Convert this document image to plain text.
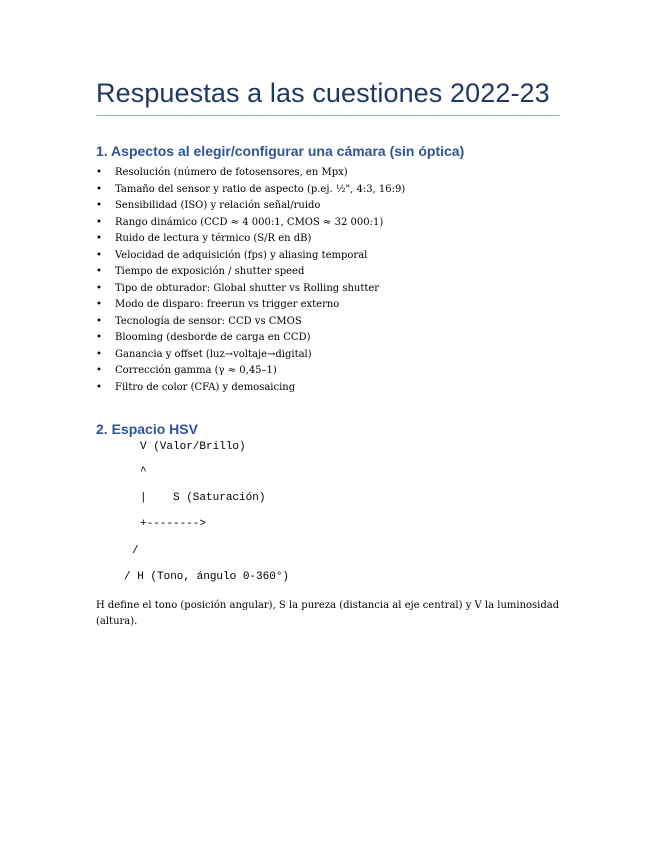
Respuestas a las cuestiones 2022-23
1. Aspectos al elegir/configurar una cámara (sin óptica)
• Resolución (número de fotosensores, en Mpx)
• Tamaño del sensor y ratio de aspecto (p.ej. ½", 4:3, 16:9)
• Sensibilidad (ISO) y relación señal/ruido
• Rango dinámico (CCD ≈ 4 000:1, CMOS ≈ 32 000:1)
• Ruido de lectura y térmico (S/R en dB)
• Velocidad de adquisición (fps) y aliasing temporal
• Tiempo de exposición / shutter speed
• Tipo de obturador: Global shutter vs Rolling shutter
• Modo de disparo: freerun vs trigger externo
• Tecnología de sensor: CCD vs CMOS
• Blooming (desborde de carga en CCD)
• Ganancia y offset (luz→voltaje→digital)
• Corrección gamma (γ ≈ 0,45–1)
• Filtro de color (CFA) y demosaicing
2. Espacio HSV
V (Valor/Brillo)
^
|    S (Saturación)
+-------->
/
/ H (Tono, ángulo 0-360°)
H define el tono (posición angular), S la pureza (distancia al eje central) y V la luminosidad (altura).
